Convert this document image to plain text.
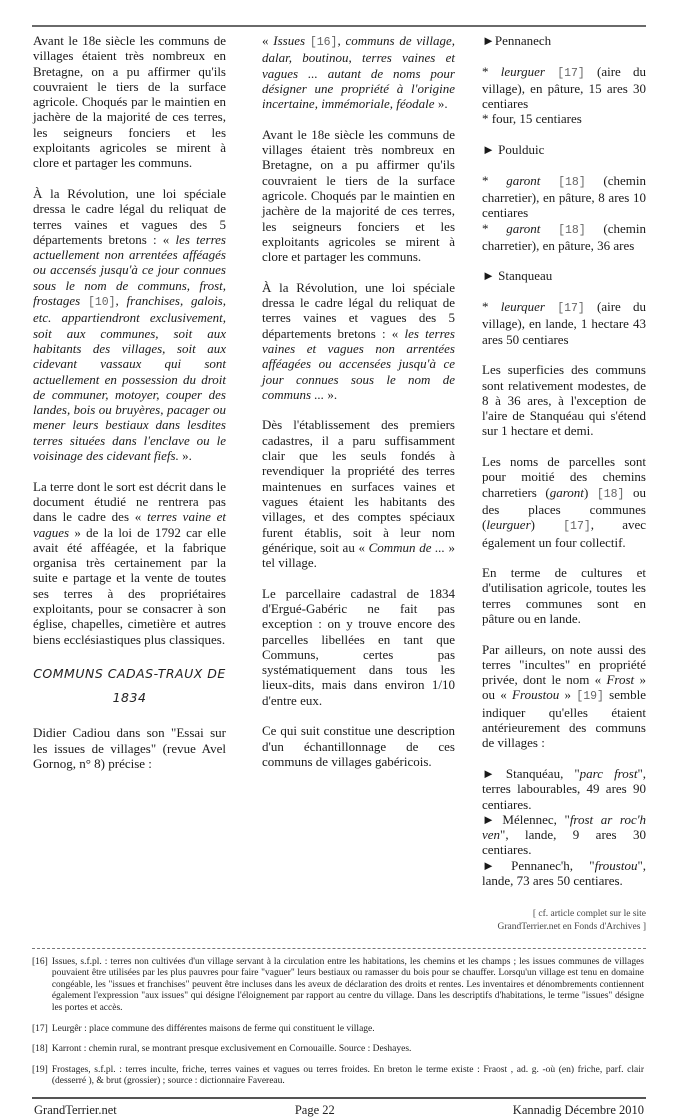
Avant le 18e siècle les communs de villages étaient très nombreux en Bretagne, on a pu affirmer qu'ils couvraient le tiers de la surface agricole. Choqués par le maintien en jachère de la majorité de ces terres, les seigneurs fonciers et les exploitants agricoles se mirent à clore et partager les communs.

À la Révolution, une loi spéciale dressa le cadre légal du reliquat de terres vaines et vagues des 5 départements bretons : « les terres actuellement non arrentées afféagés ou accensés jusqu'à ce jour connues sous le nom de communs, frost, frostages [10], franchises, galois, etc. appartiendront exclusivement, soit aux communes, soit aux habitants des villages, soit aux cidevant vassaux qui sont actuellement en possession du droit de communer, motoyer, couper des landes, bois ou bruyères, pacager ou mener leurs bestiaux dans lesdites terres situées dans l'enclave ou le voisinage des cidevant fiefs. ».

La terre dont le sort est décrit dans le document étudié ne rentrera pas dans le cadre des « terres vaine et vagues » de la loi de 1792 car elle avait été afféagée, et la fabrique organisa très certainement par la suite e partage et la vente de toutes ses terres à des propriétaires exploitants, pour se consacrer à son église, chapelles, cimetière et autres biens ecclésiastiques plus classiques.

COMMUNS CADAS-TRAUX DE 1834

Didier Cadiou dans son "Essai sur les issues de villages" (revue Avel Gornog, n° 8) précise :

« Issues [16], communs de village, dalar, boutinou, terres vaines et vagues ... autant de noms pour désigner une propriété à l'origine incertaine, immémoriale, féodale ».

Avant le 18e siècle les communs de villages étaient très nombreux en Bretagne, on a pu affirmer qu'ils couvraient le tiers de la surface agricole. Choqués par le maintien en jachère de la majorité de ces terres, les seigneurs fonciers et les exploitants agricoles se mirent à clore et partager les communs.

À la Révolution, une loi spéciale dressa le cadre légal du reliquat de terres vaines et vagues des 5 départements bretons : « les terres vaines et vagues non arrentées afféagées ou accensées jusqu'à ce jour connues sous le nom de communs ... ».

Dès l'établissement des premiers cadastres, il a paru suffisamment clair que les seuls fondés à revendiquer la propriété des terres maintenues en surfaces vaines et vagues étaient les habitants des villages, et des comptes spéciaux furent établis, soit à leur nom générique, soit au « Commun de ... » tel village.

Le parcellaire cadastral de 1834 d'Ergué-Gabéric ne fait pas exception : on y trouve encore des parcelles libellées en tant que Communs, certes pas systématiquement dans tous les lieux-dits, mais dans environ 1/10 d'entre eux.

Ce qui suit constitue une description d'un échantillonnage de ces communs de villages gabéricois.

►Pennanech

* leurguer [17] (aire du village), en pâture, 15 ares 30 centiares
* four, 15 centiares

► Poulduic

* garont [18] (chemin charretier), en pâture, 8 ares 10 centiares
* garont [18] (chemin charretier), en pâture, 36 ares

► Stanqueau

* leurquer [17] (aire du village), en lande, 1 hectare 43 ares 50 centiares

Les superficies des communs sont relativement modestes, de 8 à 36 ares, à l'exception de l'aire de Stanquéau qui s'étend sur 1 hectare et demi.

Les noms de parcelles sont pour moitié des chemins charretiers (garont) [18] ou des places communes (leurguer) [17], avec également un four collectif.

En terme de cultures et d'utilisation agricole, toutes les terres communes sont en pâture ou en lande.

Par ailleurs, on note aussi des terres "incultes" en propriété privée, dont le nom « Frost » ou « Froustou » [19] semble indiquer qu'elles étaient antérieurement des communs de villages :

► Stanquéau, "parc frost", terres labourables, 49 ares 90 centiares.
► Mélennec, "frost ar roc'h ven", lande, 9 ares 30 centiares.
► Pennanec'h, "froustou", lande, 73 ares 50 centiares.

[ cf. article complet sur le site GrandTerrier.net en Fonds d'Archives ]
[16] Issues, s.f.pl. : terres non cultivées d'un village servant à la circulation entre les habitations, les chemins et les champs ; les issues communes de villages pouvaient être utilisées par les plus pauvres pour faire "vaguer" leurs bestiaux ou ramasser du bois pour se chauffer. Lorsqu'un village est tenu en domaine congéable, les "issues et franchises" peuvent être incluses dans les aveux de déclaration des droits et rentes. Les inventaires et dénombrements contiennent également l'expression "aux issues" qui désigne l'éloignement par rapport au centre du village. Dans les descriptifs d'habitations, le terme "issues" désigne les portes et accès.
[17] Leurgêr : place commune des différentes maisons de ferme qui constituent le village.
[18] Karront : chemin rural, se montrant presque exclusivement en Cornouaille. Source : Deshayes.
[19] Frostages, s.f.pl. : terres inculte, friche, terres vaines et vagues ou terres froides. En breton le terme existe : Fraost , ad. g. -où (en) friche, parf. clair (desserré ), & brut (grossier) ; source : dictionnaire Favereau.
GrandTerrier.net	Page 22	Kannadig Décembre 2010
